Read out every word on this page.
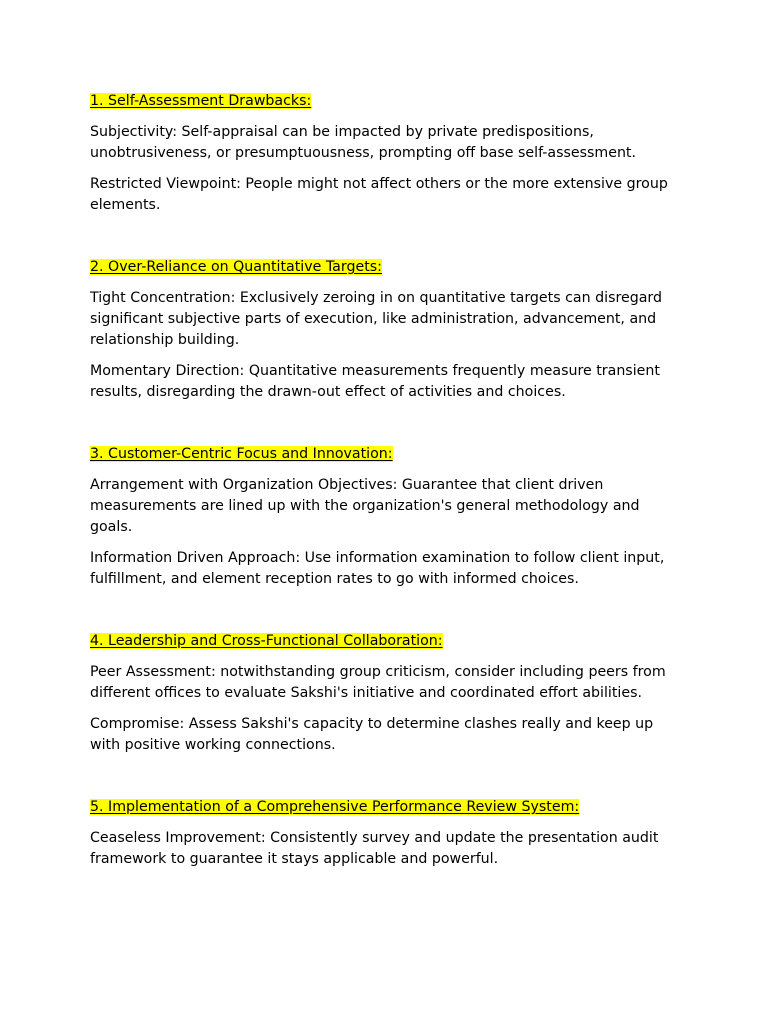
1. Self-Assessment Drawbacks:

Subjectivity: Self-appraisal can be impacted by private predispositions, unobtrusiveness, or presumptuousness, prompting off base self-assessment.

Restricted Viewpoint: People might not affect others or the more extensive group elements.

2. Over-Reliance on Quantitative Targets:

Tight Concentration: Exclusively zeroing in on quantitative targets can disregard significant subjective parts of execution, like administration, advancement, and relationship building.

Momentary Direction: Quantitative measurements frequently measure transient results, disregarding the drawn-out effect of activities and choices.

3. Customer-Centric Focus and Innovation:

Arrangement with Organization Objectives: Guarantee that client driven measurements are lined up with the organization's general methodology and goals.

Information Driven Approach: Use information examination to follow client input, fulfillment, and element reception rates to go with informed choices.

4. Leadership and Cross-Functional Collaboration:

Peer Assessment: notwithstanding group criticism, consider including peers from different offices to evaluate Sakshi's initiative and coordinated effort abilities.

Compromise: Assess Sakshi's capacity to determine clashes really and keep up with positive working connections.

5. Implementation of a Comprehensive Performance Review System:

Ceaseless Improvement: Consistently survey and update the presentation audit framework to guarantee it stays applicable and powerful.
